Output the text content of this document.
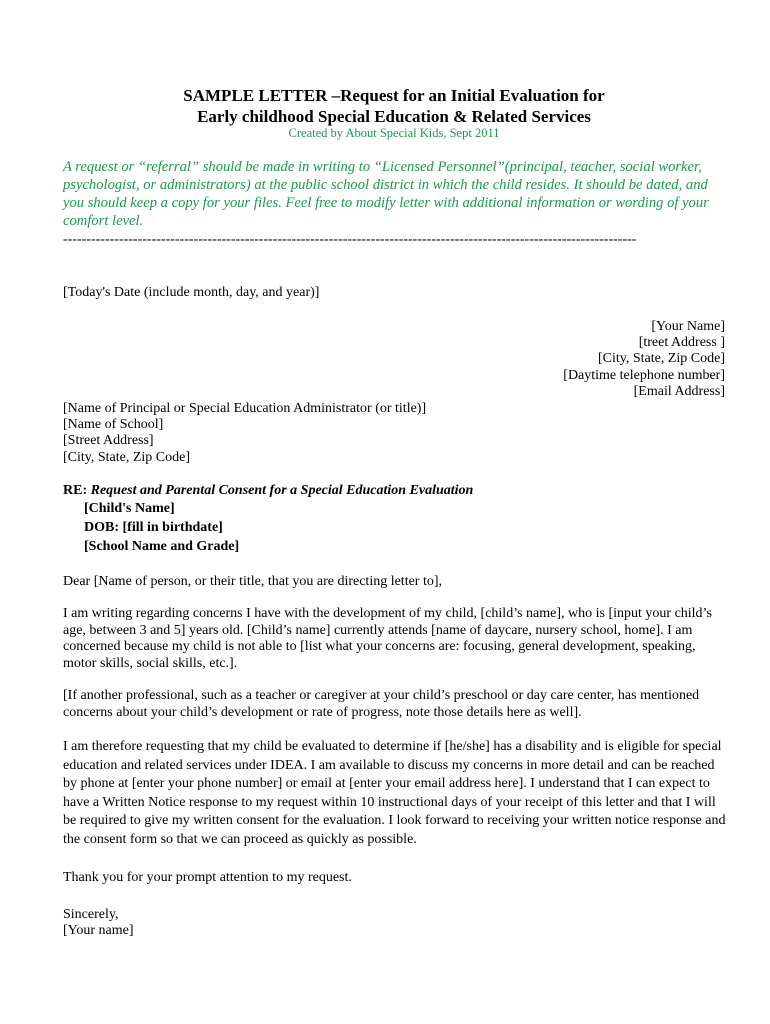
SAMPLE LETTER –Request for an Initial Evaluation for
Early childhood Special Education & Related Services
Created by About Special Kids, Sept 2011
A request or “referral” should be made in writing to “Licensed Personnel”(principal, teacher, social worker, psychologist, or administrators) at the public school district in which the child resides. It should be dated, and you should keep a copy for your files. Feel free to modify letter with additional information or wording of your comfort level.
---------------------------------------------------------------------------------------------------------------------------
[Today's Date (include month, day, and year)]
[Your Name]
[treet Address ]
[City, State, Zip Code]
[Daytime telephone number]
[Email Address]
[Name of Principal or Special Education Administrator (or title)]
[Name of School]
[Street Address]
[City, State, Zip Code]
RE: Request and Parental Consent for a Special Education Evaluation
[Child's Name]
DOB: [fill in birthdate]
[School Name and Grade]
Dear [Name of person, or their title, that you are directing letter to],
I am writing regarding concerns I have with the development of my child, [child’s name], who is [input your child’s age, between 3 and 5] years old. [Child’s name] currently attends [name of daycare, nursery school, home]. I am concerned because my child is not able to [list what your concerns are: focusing, general development, speaking, motor skills, social skills, etc.].
[If another professional, such as a teacher or caregiver at your child’s preschool or day care center, has mentioned concerns about your child’s development or rate of progress, note those details here as well].
I am therefore requesting that my child be evaluated to determine if [he/she] has a disability and is eligible for special education and related services under IDEA. I am available to discuss my concerns in more detail and can be reached by phone at [enter your phone number] or email at [enter your email address here]. I understand that I can expect to have a Written Notice response to my request within 10 instructional days of your receipt of this letter and that I will be required to give my written consent for the evaluation. I look forward to receiving your written notice response and the consent form so that we can proceed as quickly as possible.
Thank you for your prompt attention to my request.
Sincerely,
[Your name]
